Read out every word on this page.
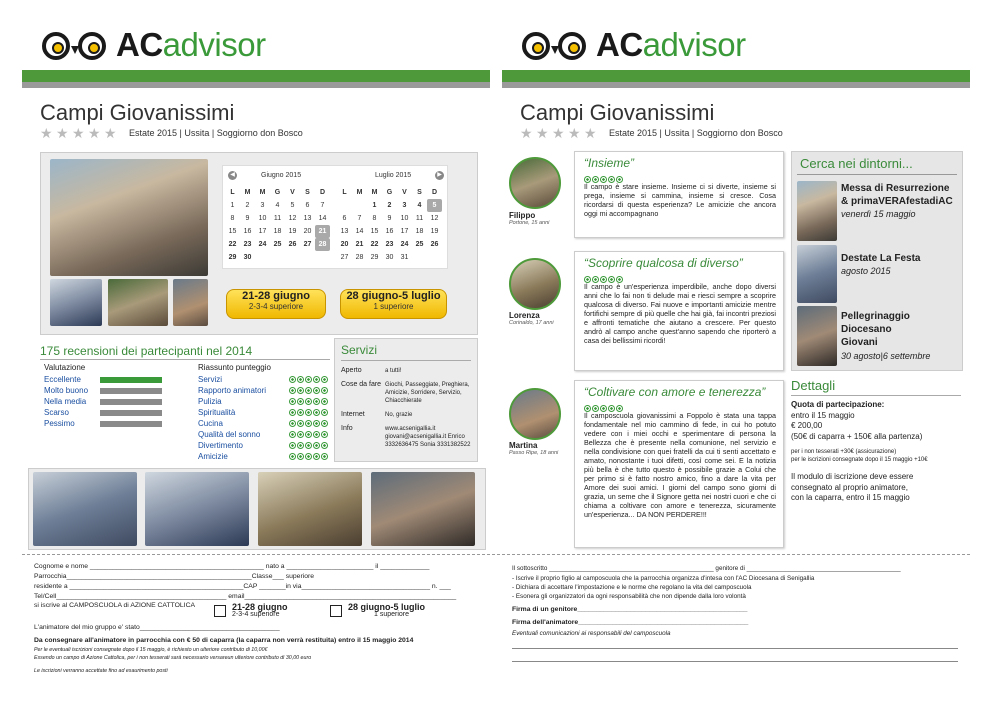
ACadvisor
Campi Giovanissimi
★ ★ ★ ★ ★ Estate 2015 | Ussita | Soggiorno don Bosco
◀	▶
Giugno 2015	Luglio 2015
L	M	M	G	V	S	D
1	2	3	4	5	6	7
8	9	10	11	12	13	14
15	16	17	18	19	20	21
22	23	24	25	26	27	28
29	30					
L	M	M	G	V	S	D
		1	2	3	4	5
6	7	8	9	10	11	12
13	14	15	16	17	18	19
20	21	22	23	24	25	26
27	28	29	30	31		
21-28 giugno
2-3-4 superiore
28 giugno-5 luglio
1 superiore
175 recensioni dei partecipanti nel 2014
Valutazione
Eccellente
Molto buono
Nella media
Scarso
Pessimo
Riassunto punteggio
Servizi
Rapporto animatori
Pulizia
Spiritualità
Cucina
Qualità del sonno
Divertimento
Amicizie
Servizi
Aperto	a tutti!
Cose da fare Giochi, Passeggiate, Preghiera, Amicizie, Sorridere, Servizio, Chiacchierate
Internet	No, grazie
Info	www.acsenigallia.it giovani@acsenigallia.it Enrico 3332636475 Sonia 3331382522
Cognome e nome ______________________________________________ nato a _______________________ il _____________
Parrocchia_________________________________________________Classe___ superiore
residente a ______________________________________________CAP _______in via__________________________________ n. ___
Tel/Cell_____________________________________________ email________________________________________________________
si iscrive al CAMPOSCUOLA di AZIONE CATTOLICA	21-28 giugno
2-3-4 superiore
28 giugno-5 luglio
1 superiore
L'animatore del mio gruppo e' stato_____________________________________
Da consegnare all'animatore in parrocchia con € 50 di caparra (la caparra non verrà restituita) entro il 15 maggio 2014
Per le eventuali iscrizioni consegnate dopo il 15 maggio, è richiesto un ulteriore contributo di 10,00€
Essendo un campo di Azione Cattolica, per i non tesserati sarà necessario versareun ulteriore contributo di 30,00 euro
Le iscrizioni verranno accettate fino ad esaurimento posti
ACadvisor
Campi Giovanissimi
★ ★ ★ ★ ★ Estate 2015 | Ussita | Soggiorno don Bosco
Filippo
Portone, 15 anni
“Insieme”
Il campo è stare insieme. Insieme ci si diverte, insieme si prega, insieme si cammina, insieme si cresce. Cosa ricordarsi di questa esperienza? Le amicizie che ancora oggi mi accompagnano
Lorenza
Corinaldo, 17 anni
“Scoprire qualcosa di diverso”
Il campo è un'esperienza imperdibile, anche dopo diversi anni che lo fai non ti delude mai e riesci sempre a scoprire qualcosa di diverso. Fai nuove e importanti amicizie mentre fortifichi sempre di più quelle che hai già, fai incontri preziosi e affronti tematiche che aiutano a crescere. Per questo andrò al campo anche quest'anno sapendo che riporterò a casa dei bellissimi ricordi!
Martina
Passo Ripe, 18 anni
“Coltivare con amore e tenerezza”
Il camposcuola giovanissimi a Foppolo è stata una tappa fondamentale nel mio cammino di fede, in cui ho potuto vedere con i miei occhi e sperimentare di persona la Bellezza che è presente nella comunione, nel servizio e nella condivisione con quei fratelli da cui ti senti accettato e amato, nonostante i tuoi difetti, così come sei. E la notizia più bella è che tutto questo è possibile grazie a Colui che per primo si è fatto nostro amico, fino a dare la vita per Amore dei suoi amici. I giorni del campo sono giorni di grazia, un seme che il Signore getta nei nostri cuori e che ci chiama a coltivare con amore e tenerezza, sicuramente un'esperienza... DA NON PERDERE!!!
Cerca nei dintorni...
Messa di Resurrezione
& primaVERAfestadiAC
venerdì 15 maggio
Destate La Festa
agosto 2015
Pellegrinaggio
Diocesano
Giovani
30 agosto|6 settembre
Dettagli
Quota di partecipazione:
entro il 15 maggio
€ 200,00
(50€ di caparra + 150€ alla partenza)
per i non tesserati +30€ (assicurazione)
per le iscrizioni consegnate dopo il 15 maggio +10€
Il modulo di iscrizione deve essere
consegnato al proprio animatore,
con la caparra, entro il 15 maggio
Il sottoscritto _______________________________________________ genitore di ____________________________________________
- Iscrive il proprio figlio al camposcuola che la parrocchia organizza d'intesa con l'AC Diocesana di Senigallia
- Dichiara di accettare l'impostazione e le norme che regolano la vita del camposcuola
- Esonera gli organizzatori da ogni responsabilità che non dipende dalla loro volontà
Firma di un genitore_____________________________________________
Firma dell'animatore_____________________________________________
Eventuali comunicazioni ai responsabili del camposcuola
